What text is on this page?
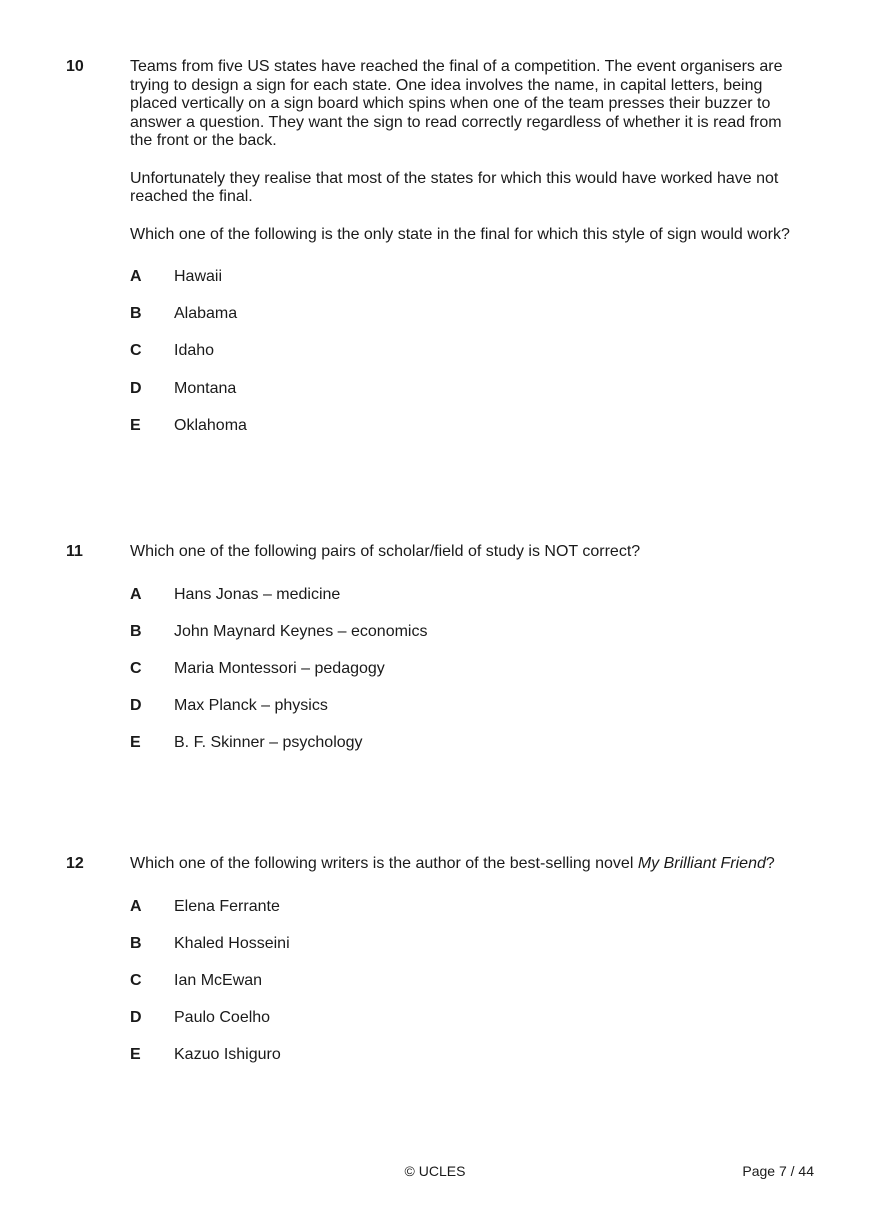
10	Teams from five US states have reached the final of a competition. The event organisers are trying to design a sign for each state. One idea involves the name, in capital letters, being placed vertically on a sign board which spins when one of the team presses their buzzer to answer a question. They want the sign to read correctly regardless of whether it is read from the front or the back.

Unfortunately they realise that most of the states for which this would have worked have not reached the final.

Which one of the following is the only state in the final for which this style of sign would work?

A Hawaii
B Alabama
C Idaho
D Montana
E Oklahoma
11	Which one of the following pairs of scholar/field of study is NOT correct?

A Hans Jonas – medicine
B John Maynard Keynes – economics
C Maria Montessori – pedagogy
D Max Planck – physics
E B. F. Skinner – psychology
12	Which one of the following writers is the author of the best-selling novel My Brilliant Friend?

A Elena Ferrante
B Khaled Hosseini
C Ian McEwan
D Paulo Coelho
E Kazuo Ishiguro
© UCLES	Page 7 / 44
